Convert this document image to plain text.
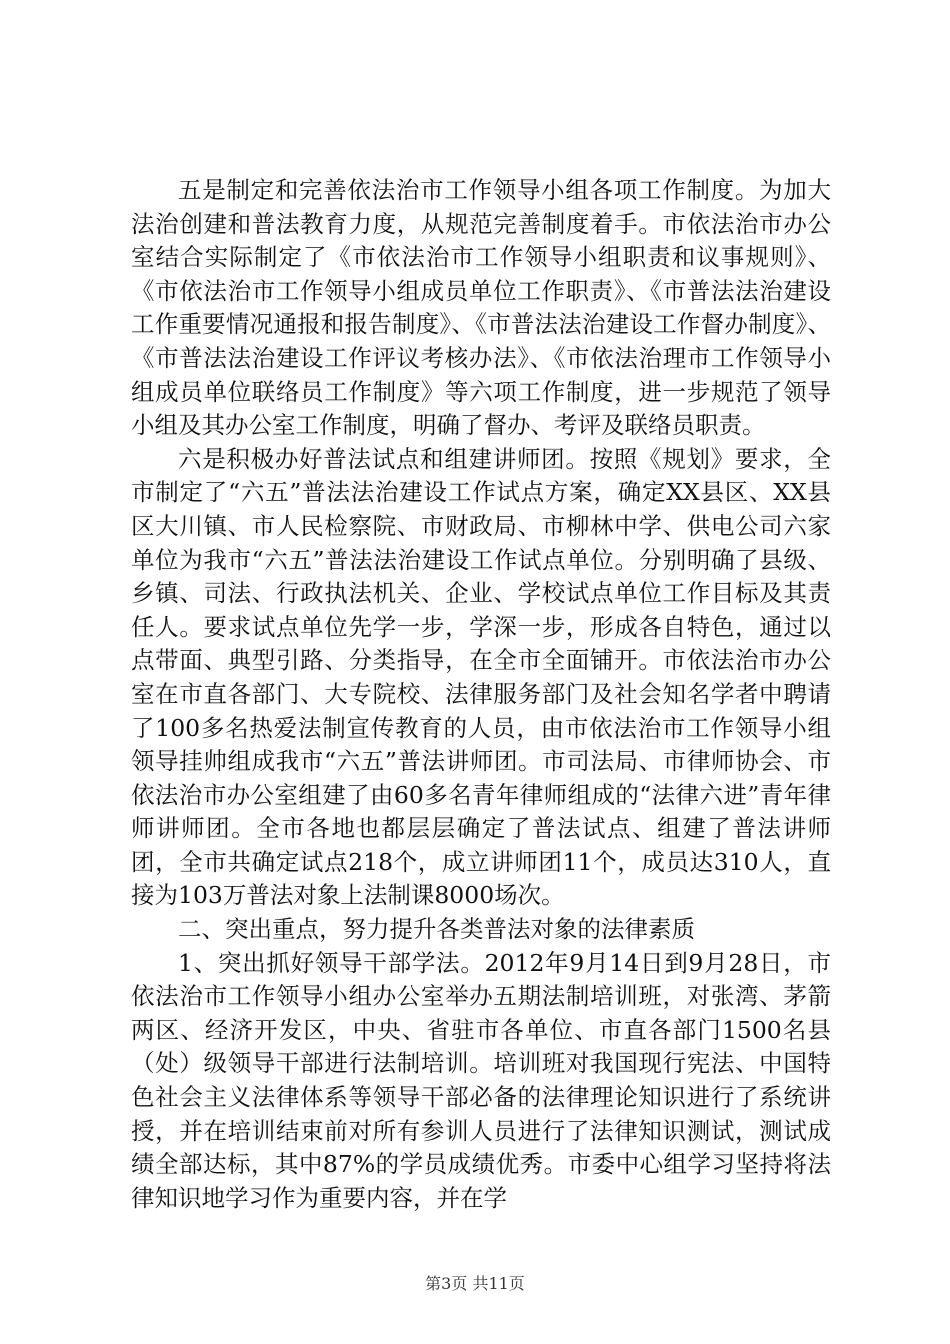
五是制定和完善依法治市工作领导小组各项工作制度。为加大法治创建和普法教育力度，从规范完善制度着手。市依法治市办公室结合实际制定了《市依法治市工作领导小组职责和议事规则》、《市依法治市工作领导小组成员单位工作职责》、《市普法法治建设工作重要情况通报和报告制度》、《市普法法治建设工作督办制度》、《市普法法治建设工作评议考核办法》、《市依法治理市工作领导小组成员单位联络员工作制度》等六项工作制度，进一步规范了领导小组及其办公室工作制度，明确了督办、考评及联络员职责。

六是积极办好普法试点和组建讲师团。按照《规划》要求，全市制定了“六五”普法法治建设工作试点方案，确定XX县区、XX县区大川镇、市人民检察院、市财政局、市柳林中学、供电公司六家单位为我市“六五”普法法治建设工作试点单位。分别明确了县级、乡镇、司法、行政执法机关、企业、学校试点单位工作目标及其责任人。要求试点单位先学一步，学深一步，形成各自特色，通过以点带面、典型引路、分类指导，在全市全面铺开。市依法治市办公室在市直各部门、大专院校、法律服务部门及社会知名学者中聘请了100多名热爱法制宣传教育的人员，由市依法治市工作领导小组领导挂帅组成我市“六五”普法讲师团。市司法局、市律师协会、市依法治市办公室组建了由60多名青年律师组成的“法律六进”青年律师讲师团。全市各地也都层层确定了普法试点、组建了普法讲师团，全市共确定试点218个，成立讲师团11个，成员达310人，直接为103万普法对象上法制课8000场次。

二、突出重点，努力提升各类普法对象的法律素质

1、突出抓好领导干部学法。2012年9月14日到9月28日，市依法治市工作领导小组办公室举办五期法制培训班，对张湾、茅箭两区、经济开发区，中央、省驻市各单位、市直各部门1500名县（处）级领导干部进行法制培训。培训班对我国现行宪法、中国特色社会主义法律体系等领导干部必备的法律理论知识进行了系统讲授，并在培训结束前对所有参训人员进行了法律知识测试，测试成绩全部达标，其中87%的学员成绩优秀。市委中心组学习坚持将法律知识地学习作为重要内容，并在学

第3页 共11页
